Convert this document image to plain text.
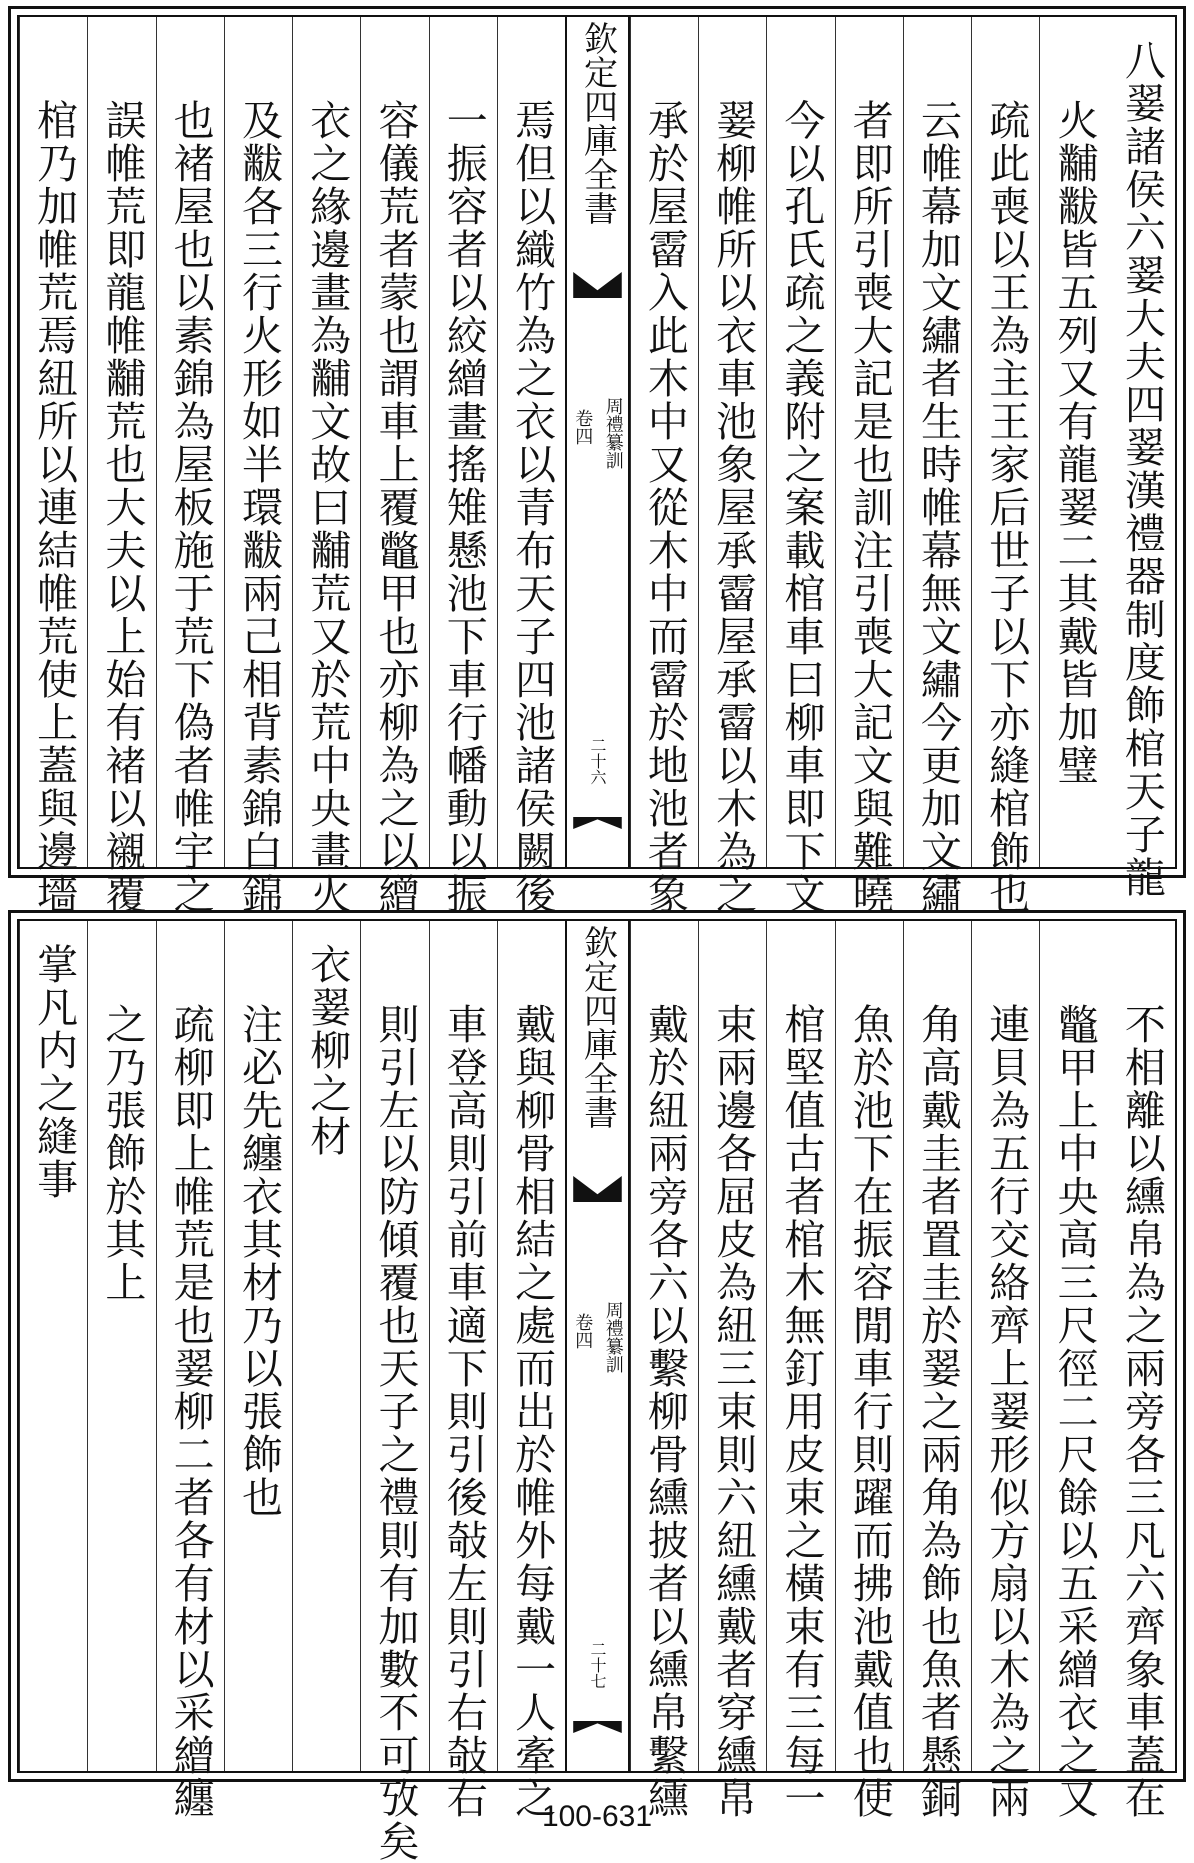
八翣諸侯六翣大夫四翣漢禮器制度飾棺天子龍
火黼黻皆五列又有龍翣二其戴皆加璧
疏此喪以王為主王家后世子以下亦縫棺飾也
云帷幕加文繡者生時帷幕無文繡今更加文繡
者即所引喪大記是也訓注引喪大記文與難曉
今以孔氏疏之義附之案載棺車曰柳車即下文
翣柳帷所以衣車池象屋承霤屋承霤以木為之
承於屋霤入此木中又從木中而霤於地池者象
欽定四庫全書
周禮纂訓
卷四
二十六
焉但以織竹為之衣以青布天子四池諸侯闕後
一振容者以絞繒畫搖雉懸池下車行幡動以振
容儀荒者蒙也謂車上覆鼈甲也亦柳為之以繒
衣之緣邊畫為黼文故曰黼荒又於荒中央畫火
及黻各三行火形如半環黻兩己相背素錦白錦
也褚屋也以素錦為屋板施于荒下偽者帷宇之
誤帷荒即龍帷黼荒也大夫以上始有褚以襯覆
棺乃加帷荒焉紐所以連結帷荒使上蓋與邊墻
不相離以纁帛為之兩旁各三凡六齊象車蓋在
鼈甲上中央高三尺徑二尺餘以五采繒衣之又
連貝為五行交絡齊上翣形似方扇以木為之兩
角高戴圭者置圭於翣之兩角為飾也魚者懸銅
魚於池下在振容閒車行則躍而拂池戴值也使
棺堅值古者棺木無釘用皮束之橫束有三每一
束兩邊各屈皮為紐三束則六紐纁戴者穿纁帛
戴於紐兩旁各六以繫柳骨纁披者以纁帛繫纁
欽定四庫全書
周禮纂訓
卷四
二十七
戴與柳骨相結之處而出於帷外每戴一人牽之
車登高則引前車適下則引後敧左則引右敧右
則引左以防傾覆也天子之禮則有加數不可攷矣
衣翣柳之材
注必先纏衣其材乃以張飾也
疏柳即上帷荒是也翣柳二者各有材以采繒纏
之乃張飾於其上
掌凡内之縫事
100-631
